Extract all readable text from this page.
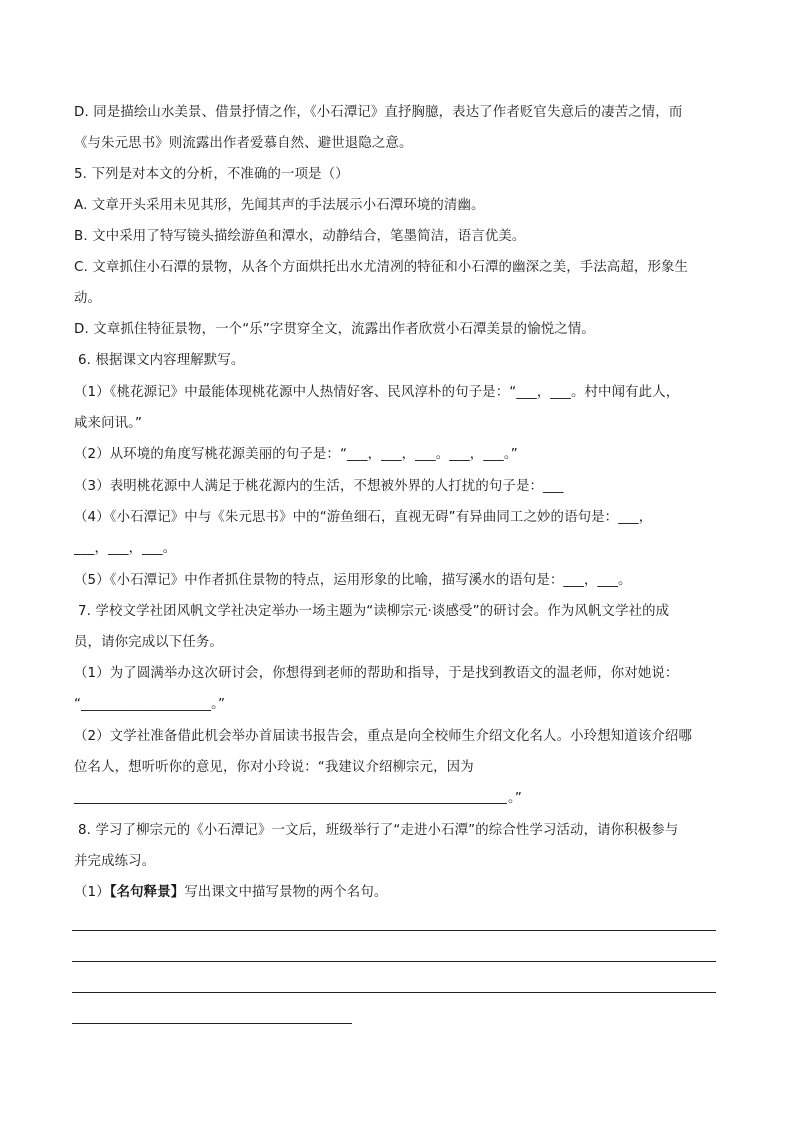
D. 同是描绘山水美景、借景抒情之作，《小石潭记》直抒胸臆，表达了作者贬官失意后的凄苦之情，而
《与朱元思书》则流露出作者爱慕自然、避世退隐之意。
5. 下列是对本文的分析，不准确的一项是（）
A. 文章开头采用未见其形，先闻其声的手法展示小石潭环境的清幽。
B. 文中采用了特写镜头描绘游鱼和潭水，动静结合，笔墨简洁，语言优美。
C. 文章抓住小石潭的景物，从各个方面烘托出水尤清冽的特征和小石潭的幽深之美，手法高超，形象生
动。
D. 文章抓住特征景物，一个“乐”字贯穿全文，流露出作者欣赏小石潭美景的愉悦之情。
6. 根据课文内容理解默写。
（1）《桃花源记》中最能体现桃花源中人热情好客、民风淳朴的句子是：“___，___。村中闻有此人，
咸来问讯。”
（2）从环境的角度写桃花源美丽的句子是：“___，___，___。___，___。”
（3）表明桃花源中人满足于桃花源内的生活，不想被外界的人打扰的句子是：___
（4）《小石潭记》中与《朱元思书》中的“游鱼细石，直视无碍”有异曲同工之妙的语句是：___，
___，___，___。
（5）《小石潭记》中作者抓住景物的特点，运用形象的比喻，描写溪水的语句是：___，___。
7. 学校文学社团风帆文学社决定举办一场主题为“读柳宗元·谈感受”的研讨会。作为风帆文学社的成
员，请你完成以下任务。
（1）为了圆满举办这次研讨会，你想得到老师的帮助和指导，于是找到教语文的温老师，你对她说：
“___________________。”
（2）文学社准备借此机会举办首届读书报告会，重点是向全校师生介绍文化名人。小玲想知道该介绍哪
位名人，想听听你的意见，你对小玲说：“我建议介绍柳宗元，因为
。”
8. 学习了柳宗元的《小石潭记》一文后，班级举行了“走进小石潭”的综合性学习活动，请你积极参与
并完成练习。
（1）【名句释景】写出课文中描写景物的两个名句。
